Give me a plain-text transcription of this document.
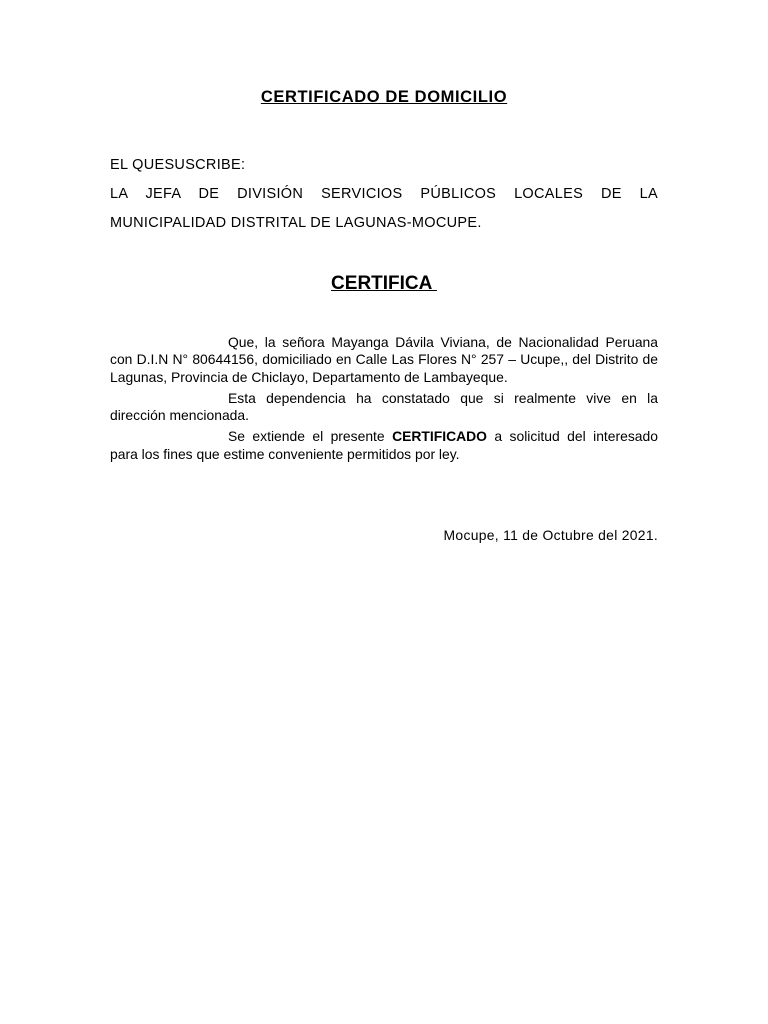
CERTIFICADO DE DOMICILIO
EL QUESUSCRIBE:
LA JEFA DE DIVISIÓN SERVICIOS PÚBLICOS LOCALES DE LA MUNICIPALIDAD DISTRITAL DE LAGUNAS-MOCUPE.
CERTIFICA

Que, la señora Mayanga Dávila Viviana, de Nacionalidad Peruana con D.I.N N° 80644156, domiciliado en Calle Las Flores N° 257 – Ucupe,, del Distrito de Lagunas, Provincia de Chiclayo, Departamento de Lambayeque.

Esta dependencia ha constatado que si realmente vive en la dirección mencionada.

Se extiende el presente CERTIFICADO a solicitud del interesado para los fines que estime conveniente permitidos por ley.

Mocupe, 11 de Octubre del 2021.
